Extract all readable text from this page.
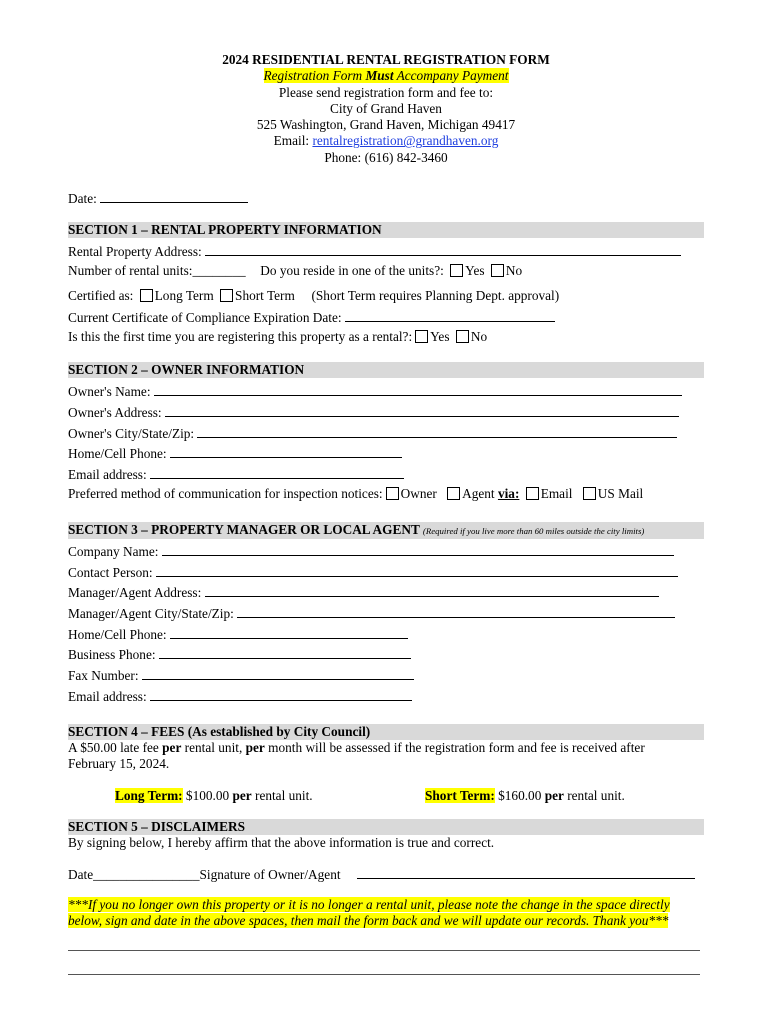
2024 RESIDENTIAL RENTAL REGISTRATION FORM
Registration Form Must Accompany Payment
Please send registration form and fee to:
City of Grand Haven
525 Washington, Grand Haven, Michigan 49417
Email: rentalregistration@grandhaven.org
Phone: (616) 842-3460
Date:
SECTION 1 – RENTAL PROPERTY INFORMATION
Rental Property Address:
Number of rental units:________ Do you reside in one of the units?: Yes No
Certified as: Long Term Short Term (Short Term requires Planning Dept. approval)
Current Certificate of Compliance Expiration Date:
Is this the first time you are registering this property as a rental?: Yes No
SECTION 2 – OWNER INFORMATION
Owner's Name:
Owner's Address:
Owner's City/State/Zip:
Home/Cell Phone:
Email address:
Preferred method of communication for inspection notices: Owner Agent via: Email US Mail
SECTION 3 – PROPERTY MANAGER OR LOCAL AGENT (Required if you live more than 60 miles outside the city limits)
Company Name:
Contact Person:
Manager/Agent Address:
Manager/Agent City/State/Zip:
Home/Cell Phone:
Business Phone:
Fax Number:
Email address:
SECTION 4 – FEES (As established by City Council)
A $50.00 late fee per rental unit, per month will be assessed if the registration form and fee is received after
February 15, 2024.
Long Term: $100.00 per rental unit.	Short Term: $160.00 per rental unit.
SECTION 5 – DISCLAIMERS
By signing below, I hereby affirm that the above information is true and correct.
Date________________Signature of Owner/Agent
***If you no longer own this property or it is no longer a rental unit, please note the change in the space directly
below, sign and date in the above spaces, then mail the form back and we will update our records. Thank you***
